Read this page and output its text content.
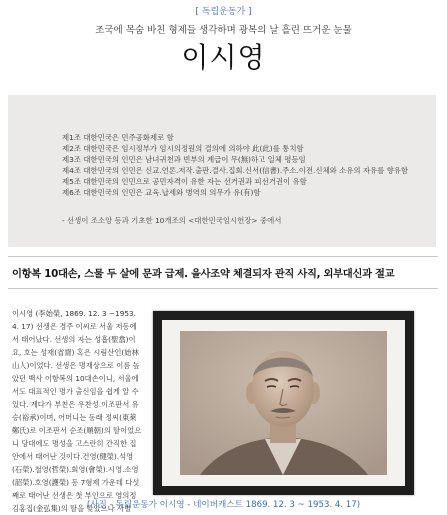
[ 독립운동가 ]
조국에 목숨 바친 형제들 생각하며 광복의 날 흘린 뜨거운 눈물
이시영
제1조 대한민국은 민주공화제로 함
제2조 대한민국은 임시정부가 임시의정원의 결의에 의하야 此(此)를 통치함
제3조 대한민국의 인민은 남녀귀천과 빈부의 계급이 무(無)하고 일체 평등임
제4조 대한민국의 인민은 신교.언론.저작.출판.결사.집회.신서(信書).주소.이전.신체와 소유의 자유를 향유함
제5조 대한민국의 인민으로 공민자격이 유한 자는 선거권과 피선거권이 유함
제6조 대한민국의 인민은 교육.납세와 병역의 의무가 유(有)함
- 선생이 조소앙 등과 기초한 10개조의 <대한민국임시헌장> 중에서
이항복 10대손, 스물 두 살에 문과 급제. 을사조약 체결되자 관직 사직, 외부대신과 절교

이시영 (李始榮, 1869. 12. 3 ~1953. 4. 17) 선생은 경주 이씨로 서울 저동에서 태어났다. 선생의 자는 성흡(聖翕)이요, 호는 성재(省齋) 혹은 시림산인(始林山人)이었다. 선생은 명재상으로 이름 높았던 백사 이항복의 10대손이니, 서울에서도 대표적인 명가 출신임을 쉽게 알 수 있다. 계다가 부친은 우찬성.이조판서 유승(裕承)이며, 어머니는 동래 정씨(東萊鄭氏)로 이조판서 순조(順朝)의 딸이었으니 당대에도 명성을 고스란히 간직한 집안에서 태어난 것이다.건영(健榮).석영(石榮).철영(哲榮).회영(會榮).시영.소영(韶榮).호영(護榮) 등 7형제 가운데 다섯 째로 태어난 선생은 첫 부인으로 영의정 김홍집(金弘集)의 딸을 맞았으나 사별

(사진 - 독립운동가 이시영 - 네이버캐스트 1869. 12. 3 ~ 1953. 4. 17)
